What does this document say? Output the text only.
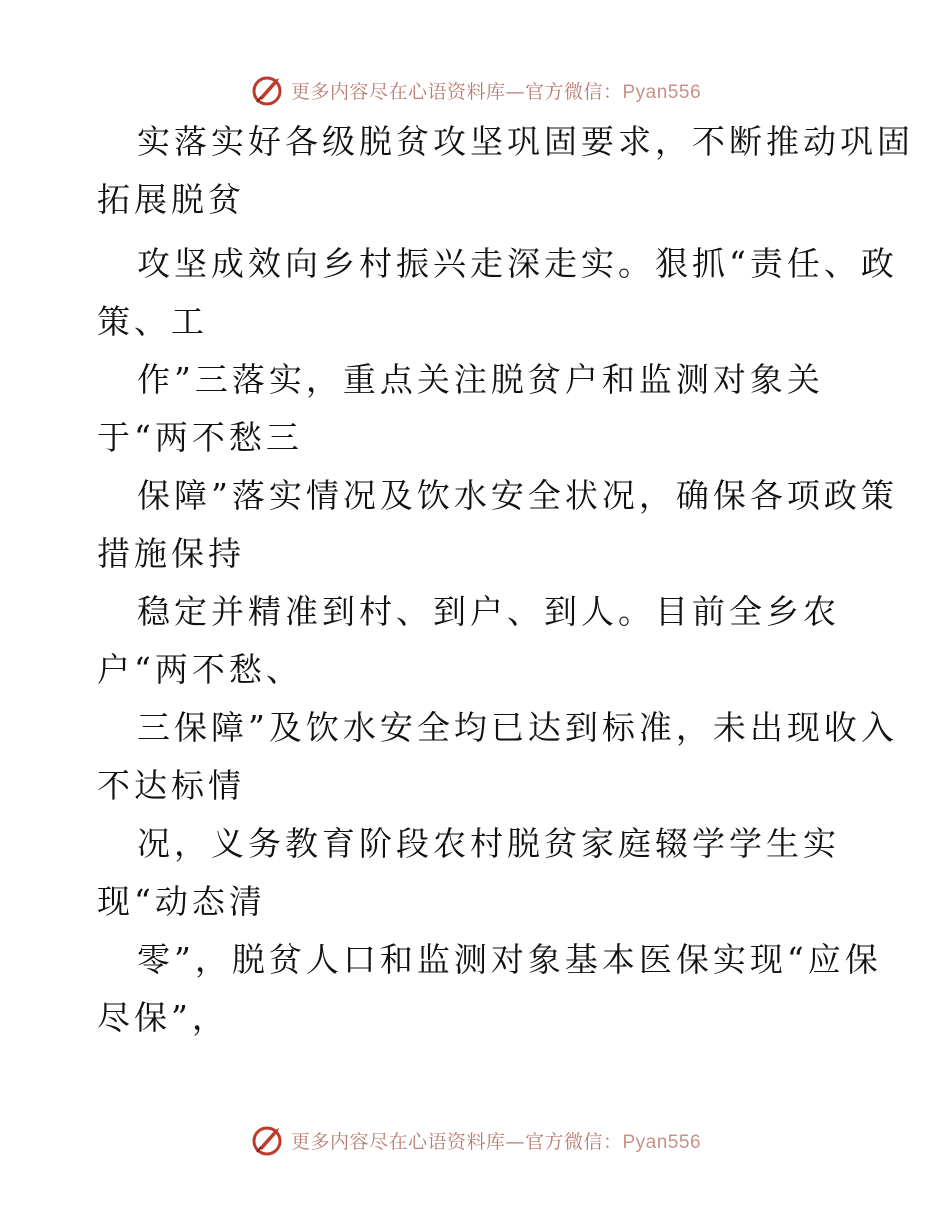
更多内容尽在心语资料库—官方微信：Pyan556
实落实好各级脱贫攻坚巩固要求，不断推动巩固
拓展脱贫
攻坚成效向乡村振兴走深走实。狠抓“责任、政
策、工
作”三落实，重点关注脱贫户和监测对象关
于“两不愁三
保障”落实情况及饮水安全状况，确保各项政策
措施保持
稳定并精准到村、到户、到人。目前全乡农
户“两不愁、
三保障”及饮水安全均已达到标准，未出现收入
不达标情
况，义务教育阶段农村脱贫家庭辍学学生实
现“动态清
零”，脱贫人口和监测对象基本医保实现“应保
尽保”，
更多内容尽在心语资料库—官方微信：Pyan556
